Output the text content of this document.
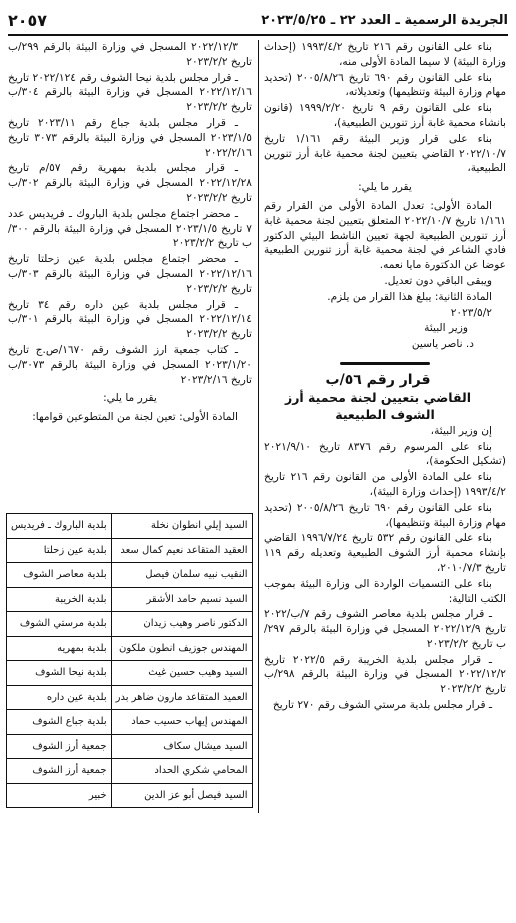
الجريدة الرسمية ـ العدد ٢٢ ـ ٢٠٢٣/٥/٢٥
٢٠٥٧

بناء على القانون رقم ٢١٦ تاريخ ١٩٩٣/٤/٢ (إحداث وزارة البيئة) لا سيما المادة الأولى منه،

بناء على القانون رقم ٦٩٠ تاريخ ٢٠٠٥/٨/٢٦ (تحديد مهام وزارة البيئة وتنظيمها) وتعديلاته،

بناء على القانون رقم ٩ تاريخ ١٩٩٩/٢/٢٠ (قانون بانشاء محمية غابة أرز تنورين الطبيعية)،

بناء على قرار وزير البيئة رقم ١/١٦١ تاريخ ٢٠٢٢/١٠/٧ القاضي بتعيين لجنة محمية غابة أرز تنورين الطبيعية،

يقرر ما يلي:

المادة الأولى: تعدل المادة الأولى من القرار رقم ١/١٦١ تاريخ ٢٠٢٢/١٠/٧ المتعلق بتعيين لجنة محمية غابة أرز تنورين الطبيعية لجهة تعيين الناشط البيئي الدكتور فادي الشاعر في لجنة محمية غابة أرز تنورين الطبيعية عوضا عن الدكتورة مايا نعمه.

ويبقى الباقي دون تعديل.

المادة الثانية: يبلغ هذا القرار من يلزم.

٢٠٢٣/٥/٢

وزير البيئة

د. ناصر ياسين

قرار رقم ٥٦/ب

القاضي بتعيين لجنة محمية أرز الشوف الطبيعية

إن وزير البيئة،

بناء على المرسوم رقم ٨٣٧٦ تاريخ ٢٠٢١/٩/١٠ (تشكيل الحكومة)،

بناء على المادة الأولى من القانون رقم ٢١٦ تاريخ ١٩٩٣/٤/٢ (إحداث وزارة البيئة)،

بناء على القانون رقم ٦٩٠ تاريخ ٢٠٠٥/٨/٢٦ (تحديد مهام وزارة البيئة وتنظيمها)،

بناء على القانون رقم ٥٣٢ تاريخ ١٩٩٦/٧/٢٤ القاضي بإنشاء محمية أرز الشوف الطبيعية وتعديله رقم ١١٩ تاريخ ٢٠١٠/٧/٣،

بناء على التسميات الواردة الى وزارة البيئة بموجب الكتب التالية:

ـ قرار مجلس بلدية معاصر الشوف رقم ٧/ب/٢٠٢٢ تاريخ ٢٠٢٢/١٢/٩ المسجل في وزارة البيئة بالرقم ٢٩٧/ب تاريخ ٢٠٢٣/٢/٢

ـ قرار مجلس بلدية الخريبة رقم ٢٠٢٢/٥ تاريخ ٢٠٢٢/١٢/٢ المسجل في وزارة البيئة بالرقم ٢٩٨/ب تاريخ ٢٠٢٣/٢/٢

ـ قرار مجلس بلدية مرستي الشوف رقم ٢٧٠ تاريخ

٢٠٢٢/١٢/٣ المسجل في وزارة البيئة بالرقم ٢٩٩/ب تاريخ ٢٠٢٣/٢/٢

ـ قرار مجلس بلدية نيحا الشوف رقم ٢٠٢٢/١٢٤ تاريخ ٢٠٢٢/١٢/١٦ المسجل في وزارة البيئة بالرقم ٣٠٤/ب تاريخ ٢٠٢٣/٢/٢

ـ قرار مجلس بلدية جباع رقم ٢٠٢٣/١١ تاريخ ٢٠٢٣/١/٥ المسجل في وزارة البيئة بالرقم ٣٠٧٣ تاريخ ٢٠٢٢/٢/١٦

ـ قرار مجلس بلدية بمهرية رقم ٥٧/م تاريخ ٢٠٢٢/١٢/٢٨ المسجل في وزارة البيئة بالرقم ٣٠٢/ب تاريخ ٢٠٢٣/٢/٢

ـ محضر اجتماع مجلس بلدية الباروك ـ فريديس عدد ٧ تاريخ ٢٠٢٣/١/٥ المسجل في وزارة البيئة بالرقم ٣٠٠/ب تاريخ ٢٠٢٣/٢/٢

ـ محضر اجتماع مجلس بلدية عين زحلتا تاريخ ٢٠٢٢/١٢/١٦ المسجل في وزارة البيئة بالرقم ٣٠٣/ب تاريخ ٢٠٢٣/٢/٢

ـ قرار مجلس بلدية عين داره رقم ٣٤ تاريخ ٢٠٢٢/١٢/١٤ المسجل في وزارة البيئة بالرقم ٣٠١/ب تاريخ ٢٠٢٣/٢/٢

ـ كتاب جمعية ارز الشوف رقم ١٦٧٠/ص.ج تاريخ ٢٠٢٣/١/٢٠ المسجل في وزارة البيئة بالرقم ٣٠٧٣/ب تاريخ ٢٠٢٣/٢/١٦

يقرر ما يلي:

المادة الأولى: تعين لجنة من المتطوعين قوامها:

السيد إيلي انطوان نخلة	بلدية الباروك ـ فريديس
العقيد المتقاعد نعيم كمال سعد	بلدية عين زحلتا
النقيب نبيه سلمان فيصل	بلدية معاصر الشوف
السيد نسيم حامد الأشقر	بلدية الخريبة
الدكتور ناصر وهيب زيدان	بلدية مرستي الشوف
المهندس جوزيف انطون ملكون	بلدية بمهريه
السيد وهيب حسين غيث	بلدية نيحا الشوف
العميد المتقاعد مارون ضاهر بدر	بلدية عين داره
المهندس إيهاب حسيب حماد	بلدية جباع الشوف
السيد ميشال سكاف	جمعية أرز الشوف
المحامي شكري الحداد	جمعية أرز الشوف
السيد فيصل أبو عز الدين	خبير
